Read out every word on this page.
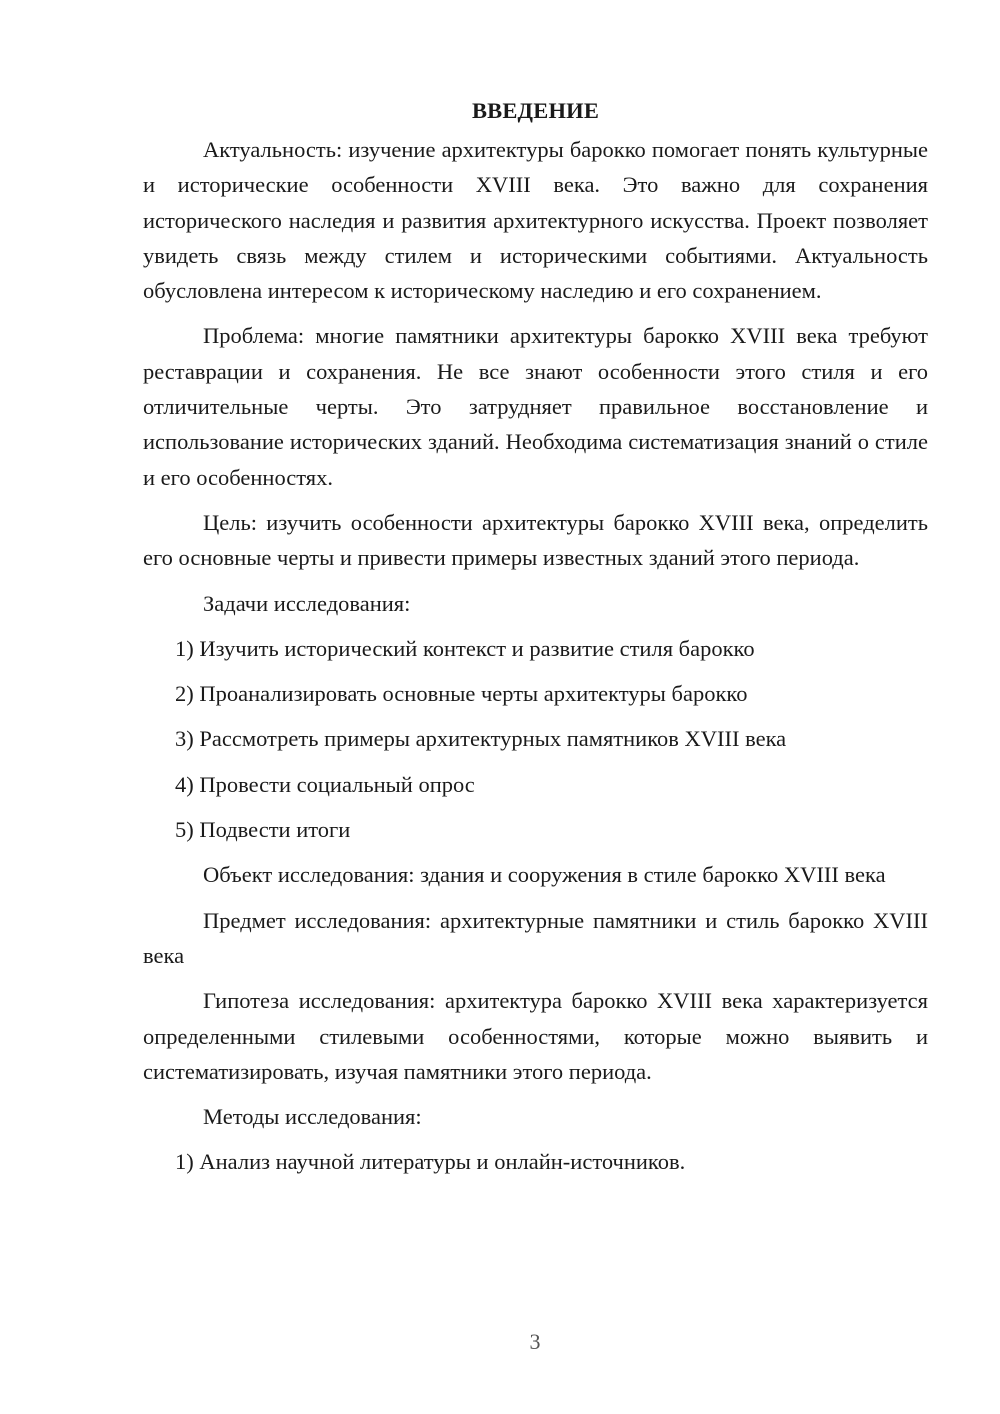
ВВЕДЕНИЕ

Актуальность: изучение архитектуры барокко помогает понять культурные и исторические особенности XVIII века. Это важно для сохранения исторического наследия и развития архитектурного искусства. Проект позволяет увидеть связь между стилем и историческими событиями. Актуальность обусловлена интересом к историческому наследию и его сохранением.

Проблема: многие памятники архитектуры барокко XVIII века требуют реставрации и сохранения. Не все знают особенности этого стиля и его отличительные черты. Это затрудняет правильное восстановление и использование исторических зданий. Необходима систематизация знаний о стиле и его особенностях.

Цель: изучить особенности архитектуры барокко XVIII века, определить его основные черты и привести примеры известных зданий этого периода.

Задачи исследования:

1) Изучить исторический контекст и развитие стиля барокко
2) Проанализировать основные черты архитектуры барокко
3) Рассмотреть примеры архитектурных памятников XVIII века
4) Провести социальный опрос
5) Подвести итоги

Объект исследования: здания и сооружения в стиле барокко XVIII века

Предмет исследования: архитектурные памятники и стиль барокко XVIII века

Гипотеза исследования: архитектура барокко XVIII века характеризуется определенными стилевыми особенностями, которые можно выявить и систематизировать, изучая памятники этого периода.

Методы исследования:

1) Анализ научной литературы и онлайн-источников.
3
